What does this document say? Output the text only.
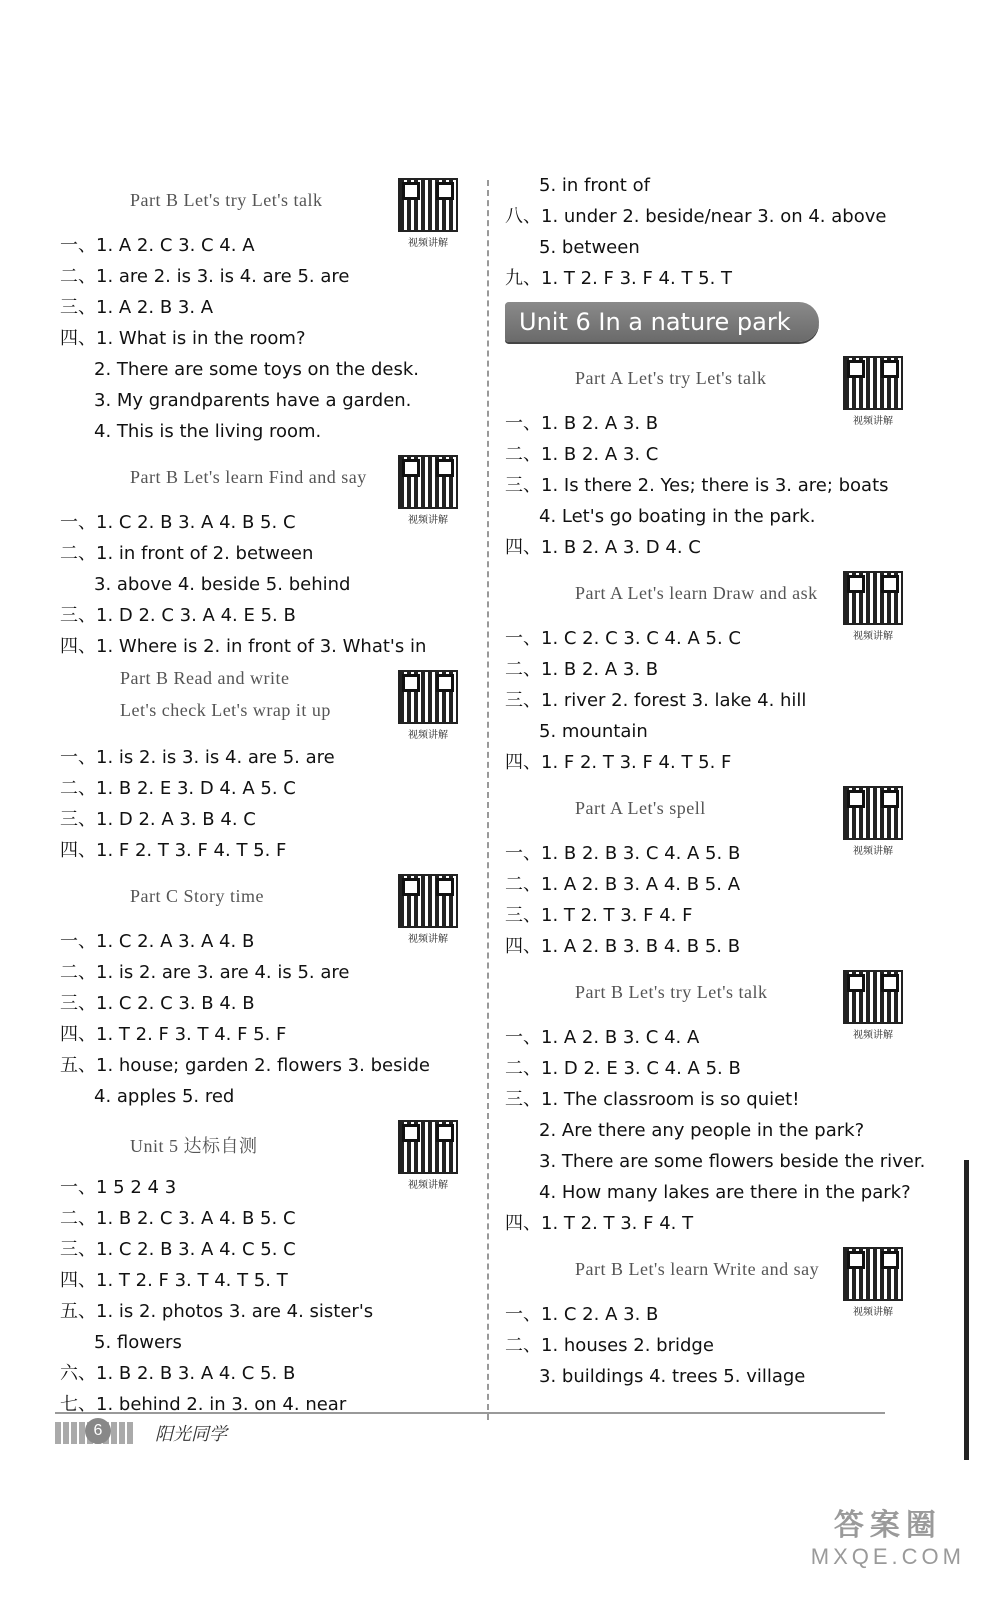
Part B Let's try Let's talk
视频讲解
一、1. A 2. C 3. C 4. A
二、1. are 2. is 3. is 4. are 5. are
三、1. A 2. B 3. A
四、1. What is in the room?
2. There are some toys on the desk.
3. My grandparents have a garden.
4. This is the living room.
Part B Let's learn Find and say
视频讲解
一、1. C 2. B 3. A 4. B 5. C
二、1. in front of 2. between
3. above 4. beside 5. behind
三、1. D 2. C 3. A 4. E 5. B
四、1. Where is 2. in front of 3. What's in
Part B Read and write
Let's check Let's wrap it up
视频讲解
一、1. is 2. is 3. is 4. are 5. are
二、1. B 2. E 3. D 4. A 5. C
三、1. D 2. A 3. B 4. C
四、1. F 2. T 3. F 4. T 5. F
Part C Story time
视频讲解
一、1. C 2. A 3. A 4. B
二、1. is 2. are 3. are 4. is 5. are
三、1. C 2. C 3. B 4. B
四、1. T 2. F 3. T 4. F 5. F
五、1. house; garden 2. flowers 3. beside
4. apples 5. red
Unit 5 达标自测
视频讲解
一、1 5 2 4 3
二、1. B 2. C 3. A 4. B 5. C
三、1. C 2. B 3. A 4. C 5. C
四、1. T 2. F 3. T 4. T 5. T
五、1. is 2. photos 3. are 4. sister's
5. flowers
六、1. B 2. B 3. A 4. C 5. B
七、1. behind 2. in 3. on 4. near
5. in front of
八、1. under 2. beside/near 3. on 4. above
5. between
九、1. T 2. F 3. F 4. T 5. T
Unit 6 In a nature park
Part A Let's try Let's talk
视频讲解
一、1. B 2. A 3. B
二、1. B 2. A 3. C
三、1. Is there 2. Yes; there is 3. are; boats
4. Let's go boating in the park.
四、1. B 2. A 3. D 4. C
Part A Let's learn Draw and ask
视频讲解
一、1. C 2. C 3. C 4. A 5. C
二、1. B 2. A 3. B
三、1. river 2. forest 3. lake 4. hill
5. mountain
四、1. F 2. T 3. F 4. T 5. F
Part A Let's spell
视频讲解
一、1. B 2. B 3. C 4. A 5. B
二、1. A 2. B 3. A 4. B 5. A
三、1. T 2. T 3. F 4. F
四、1. A 2. B 3. B 4. B 5. B
Part B Let's try Let's talk
视频讲解
一、1. A 2. B 3. C 4. A
二、1. D 2. E 3. C 4. A 5. B
三、1. The classroom is so quiet!
2. Are there any people in the park?
3. There are some flowers beside the river.
4. How many lakes are there in the park?
四、1. T 2. T 3. F 4. T
Part B Let's learn Write and say
视频讲解
一、1. C 2. A 3. B
二、1. houses 2. bridge
3. buildings 4. trees 5. village
6	阳光同学
答案圈
MXQE.COM
